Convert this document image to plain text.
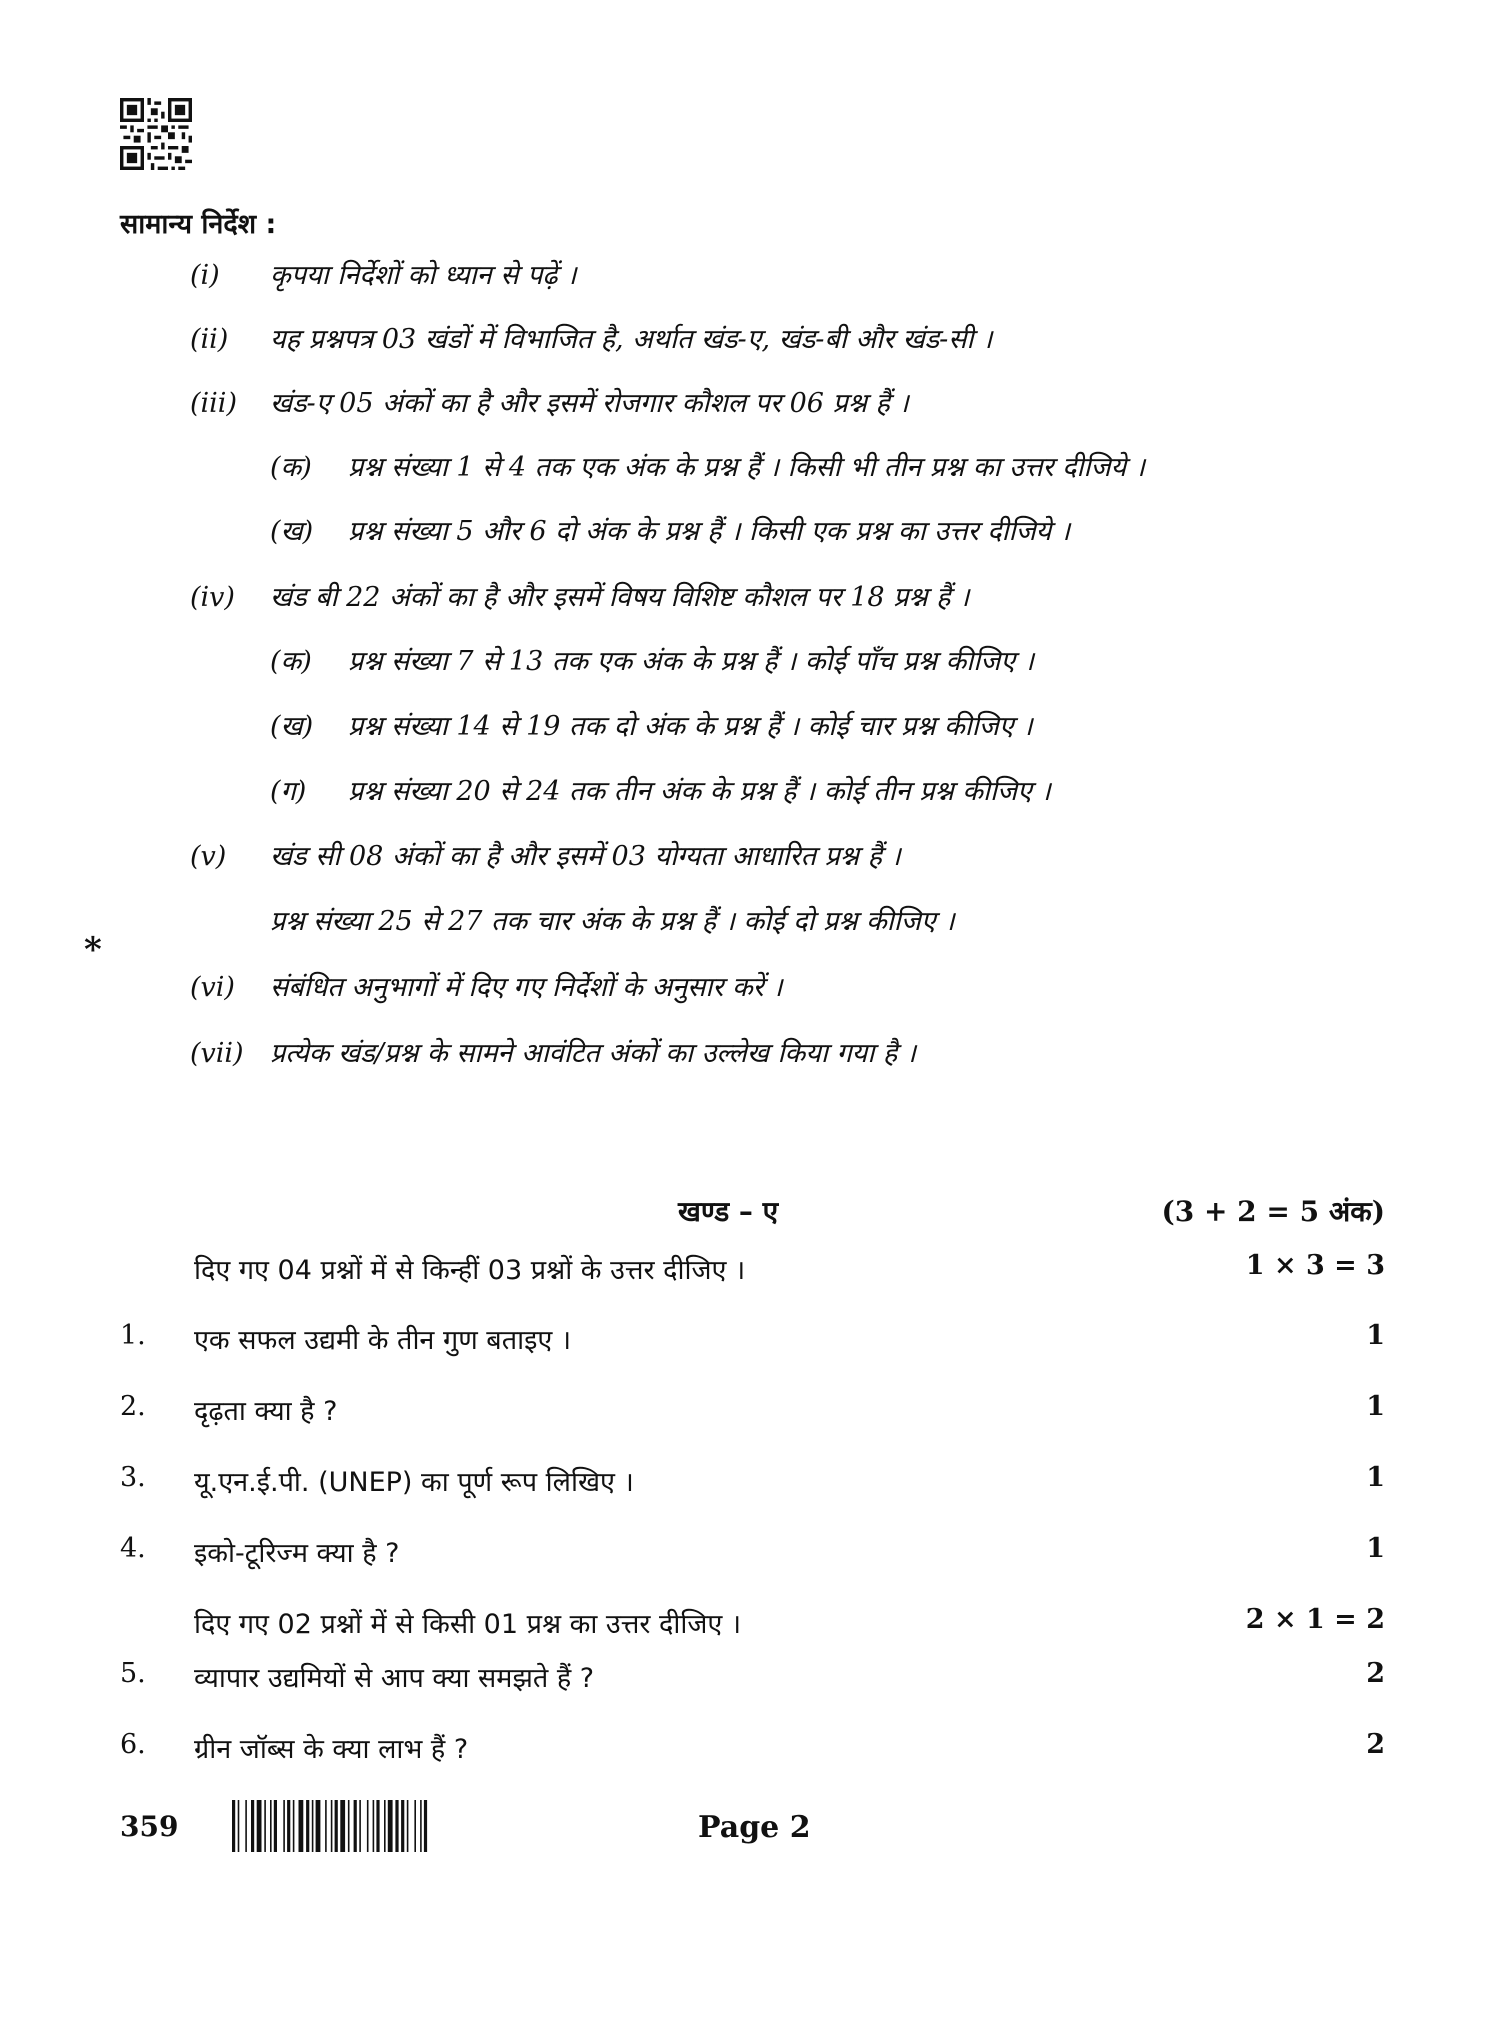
सामान्य निर्देश :
(i) कृपया निर्देशों को ध्यान से पढ़ें ।
(ii) यह प्रश्नपत्र 03 खंडों में विभाजित है, अर्थात खंड-ए, खंड-बी और खंड-सी ।
(iii) खंड-ए 05 अंकों का है और इसमें रोजगार कौशल पर 06 प्रश्न हैं ।
(क) प्रश्न संख्या 1 से 4 तक एक अंक के प्रश्न हैं । किसी भी तीन प्रश्न का उत्तर दीजिये ।
(ख) प्रश्न संख्या 5 और 6 दो अंक के प्रश्न हैं । किसी एक प्रश्न का उत्तर दीजिये ।
(iv) खंड बी 22 अंकों का है और इसमें विषय विशिष्ट कौशल पर 18 प्रश्न हैं ।
(क) प्रश्न संख्या 7 से 13 तक एक अंक के प्रश्न हैं । कोई पाँच प्रश्न कीजिए ।
(ख) प्रश्न संख्या 14 से 19 तक दो अंक के प्रश्न हैं । कोई चार प्रश्न कीजिए ।
(ग) प्रश्न संख्या 20 से 24 तक तीन अंक के प्रश्न हैं । कोई तीन प्रश्न कीजिए ।
(v) खंड सी 08 अंकों का है और इसमें 03 योग्यता आधारित प्रश्न हैं ।
प्रश्न संख्या 25 से 27 तक चार अंक के प्रश्न हैं । कोई दो प्रश्न कीजिए ।
(vi) संबंधित अनुभागों में दिए गए निर्देशों के अनुसार करें ।
(vii) प्रत्येक खंड/प्रश्न के सामने आवंटित अंकों का उल्लेख किया गया है ।
*
खण्ड – ए	(3 + 2 = 5 अंक)
दिए गए 04 प्रश्नों में से किन्हीं 03 प्रश्नों के उत्तर दीजिए ।	1 × 3 = 3
1. एक सफल उद्यमी के तीन गुण बताइए ।	1
2. दृढ़ता क्या है ?	1
3. यू.एन.ई.पी. (UNEP) का पूर्ण रूप लिखिए ।	1
4. इको-टूरिज्म क्या है ?	1
दिए गए 02 प्रश्नों में से किसी 01 प्रश्न का उत्तर दीजिए ।	2 × 1 = 2
5. व्यापार उद्यमियों से आप क्या समझते हैं ?	2
6. ग्रीन जॉब्स के क्या लाभ हैं ?	2
359	Page 2
